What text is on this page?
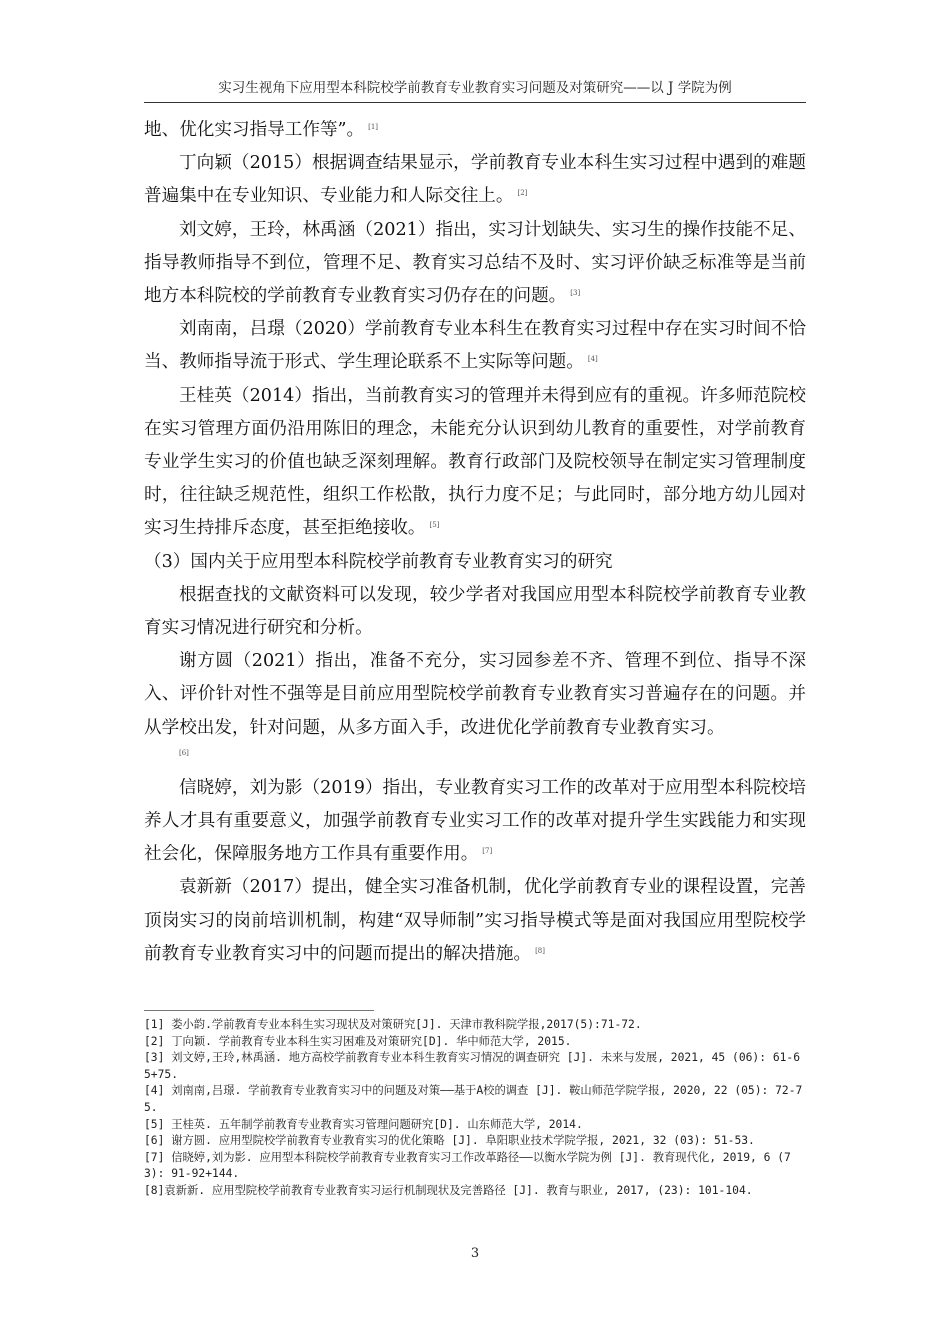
实习生视角下应用型本科院校学前教育专业教育实习问题及对策研究——以 J 学院为例

地、优化实习指导工作等”。 [1]

丁向颖（2015）根据调查结果显示，学前教育专业本科生实习过程中遇到的难题普遍集中在专业知识、专业能力和人际交往上。 [2]

刘文婷，王玲，林禹涵（2021）指出，实习计划缺失、实习生的操作技能不足、指导教师指导不到位，管理不足、教育实习总结不及时、实习评价缺乏标准等是当前地方本科院校的学前教育专业教育实习仍存在的问题。 [3]

刘南南，吕璟（2020）学前教育专业本科生在教育实习过程中存在实习时间不恰当、教师指导流于形式、学生理论联系不上实际等问题。 [4]

王桂英（2014）指出，当前教育实习的管理并未得到应有的重视。许多师范院校在实习管理方面仍沿用陈旧的理念，未能充分认识到幼儿教育的重要性，对学前教育专业学生实习的价值也缺乏深刻理解。教育行政部门及院校领导在制定实习管理制度时，往往缺乏规范性，组织工作松散，执行力度不足；与此同时，部分地方幼儿园对实习生持排斥态度，甚至拒绝接收。 [5]

（3）国内关于应用型本科院校学前教育专业教育实习的研究

根据查找的文献资料可以发现，较少学者对我国应用型本科院校学前教育专业教育实习情况进行研究和分析。

谢方圆（2021）指出，准备不充分，实习园参差不齐、管理不到位、指导不深入、评价针对性不强等是目前应用型院校学前教育专业教育实习普遍存在的问题。并从学校出发，针对问题，从多方面入手，改进优化学前教育专业教育实习。
[6]

信晓婷，刘为影（2019）指出，专业教育实习工作的改革对于应用型本科院校培养人才具有重要意义，加强学前教育专业实习工作的改革对提升学生实践能力和实现社会化，保障服务地方工作具有重要作用。 [7]

袁新新（2017）提出，健全实习准备机制，优化学前教育专业的课程设置，完善顶岗实习的岗前培训机制，构建“双导师制”实习指导模式等是面对我国应用型院校学前教育专业教育实习中的问题而提出的解决措施。 [8]

[1] 娄小韵.学前教育专业本科生实习现状及对策研究[J]. 天津市教科院学报,2017(5):71-72.
[2] 丁向颖. 学前教育专业本科生实习困难及对策研究[D]. 华中师范大学, 2015.
[3] 刘文婷,王玲,林禹涵. 地方高校学前教育专业本科生教育实习情况的调查研究 [J]. 未来与发展, 2021, 45 (06): 61-65+75.
[4] 刘南南,吕璟. 学前教育专业教育实习中的问题及对策——基于A校的调查 [J]. 鞍山师范学院学报, 2020, 22 (05): 72-75.
[5] 王桂英. 五年制学前教育专业教育实习管理问题研究[D]. 山东师范大学, 2014.
[6] 谢方圆. 应用型院校学前教育专业教育实习的优化策略 [J]. 阜阳职业技术学院学报, 2021, 32 (03): 51-53.
[7] 信晓婷,刘为影. 应用型本科院校学前教育专业教育实习工作改革路径——以衡水学院为例 [J]. 教育现代化, 2019, 6 (73): 91-92+144.
[8]袁新新. 应用型院校学前教育专业教育实习运行机制现状及完善路径 [J]. 教育与职业, 2017, (23): 101-104.
3
